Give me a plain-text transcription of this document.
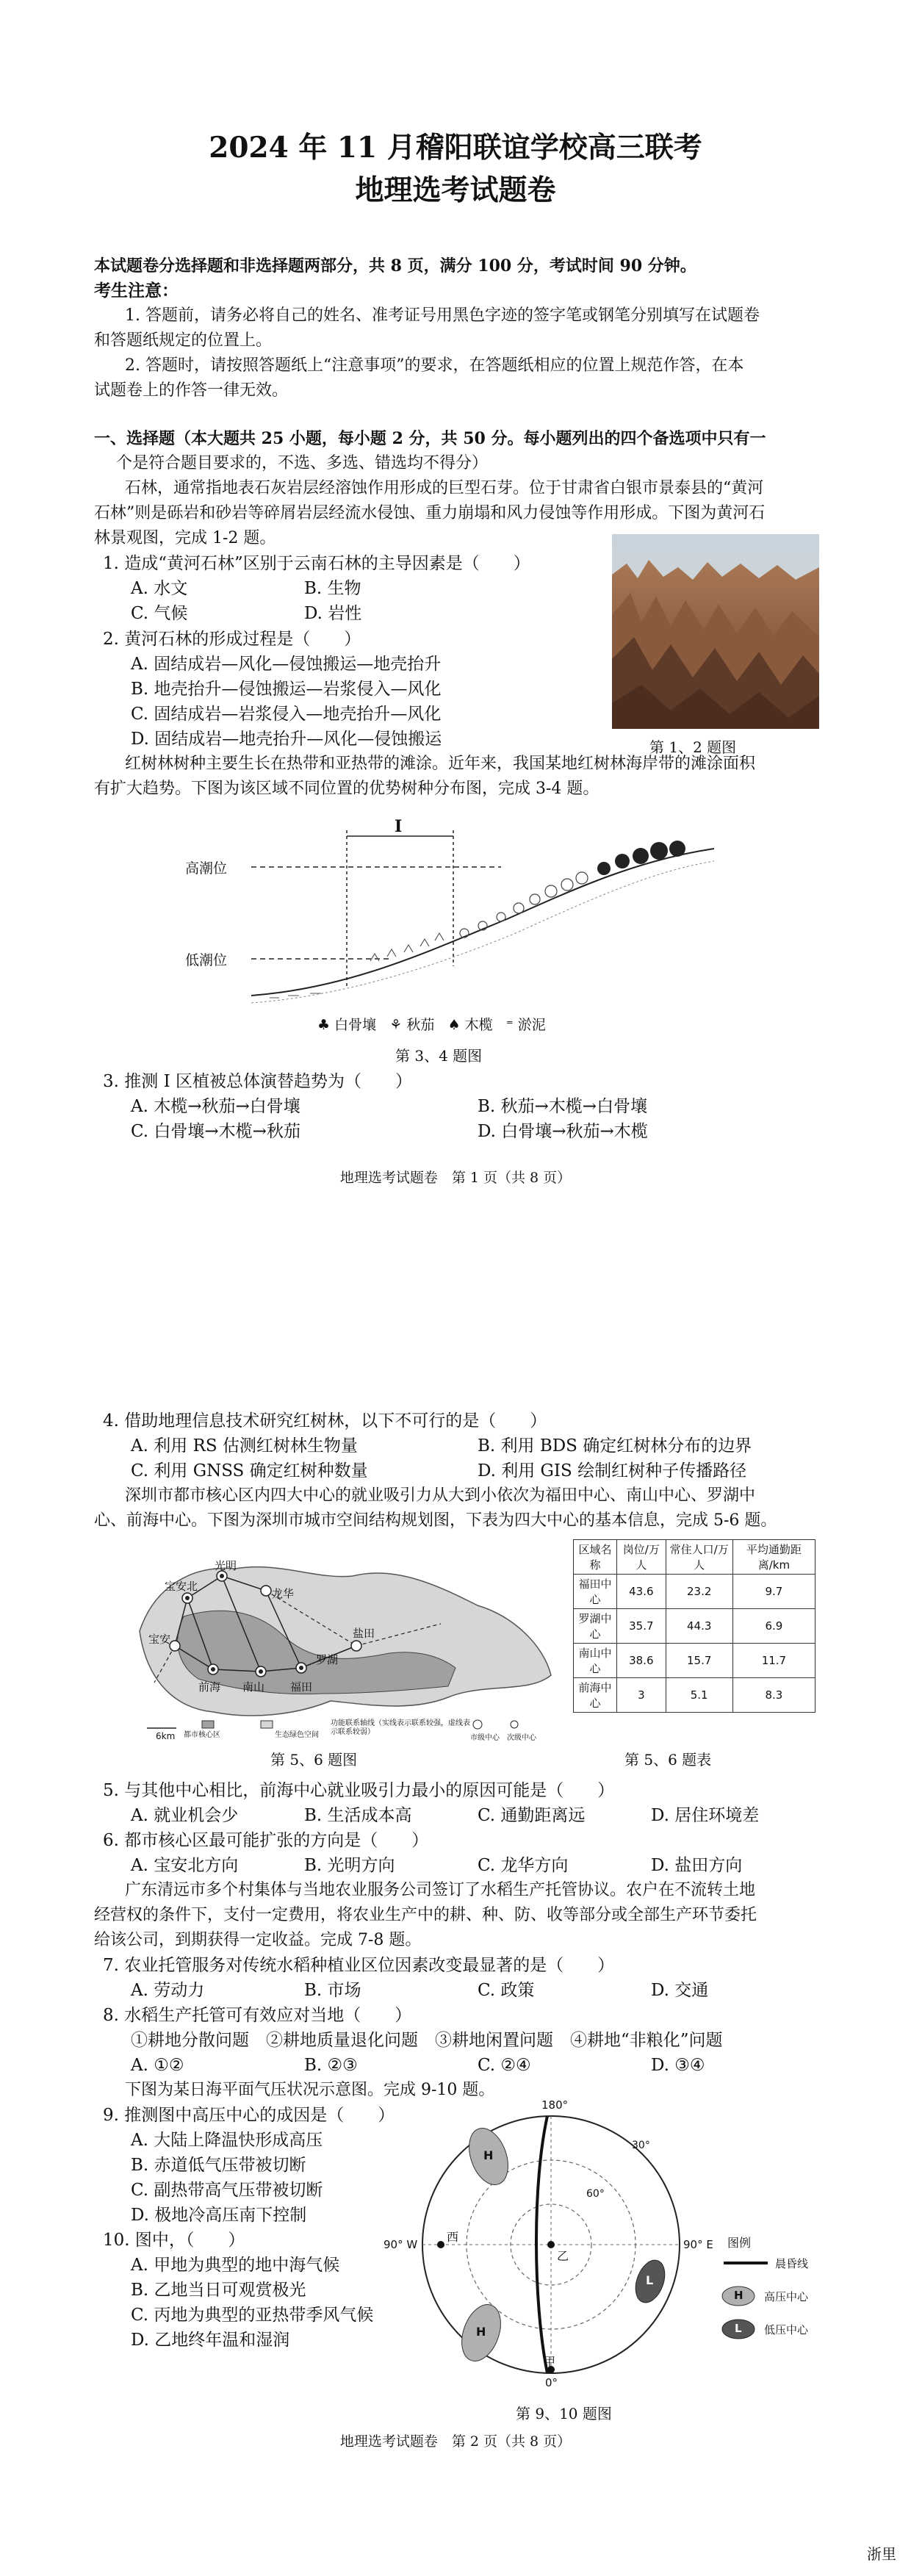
2024 年 11 月稽阳联谊学校高三联考
地理选考试题卷
本试题卷分选择题和非选择题两部分，共 8 页，满分 100 分，考试时间 90 分钟。
考生注意：
1. 答题前，请务必将自己的姓名、准考证号用黑色字迹的签字笔或钢笔分别填写在试题卷
和答题纸规定的位置上。
2. 答题时，请按照答题纸上“注意事项”的要求，在答题纸相应的位置上规范作答，在本
试题卷上的作答一律无效。
一、选择题（本大题共 25 小题，每小题 2 分，共 50 分。每小题列出的四个备选项中只有一
个是符合题目要求的，不选、多选、错选均不得分）
石林，通常指地表石灰岩层经溶蚀作用形成的巨型石芽。位于甘肃省白银市景泰县的“黄河
石林”则是砾岩和砂岩等碎屑岩层经流水侵蚀、重力崩塌和风力侵蚀等作用形成。下图为黄河石
林景观图，完成 1-2 题。
第 1、2 题图
1. 造成“黄河石林”区别于云南石林的主导因素是（　　）
A. 水文	B. 生物
C. 气候	D. 岩性
2. 黄河石林的形成过程是（　　）
A. 固结成岩—风化—侵蚀搬运—地壳抬升
B. 地壳抬升—侵蚀搬运—岩浆侵入—风化
C. 固结成岩—岩浆侵入—地壳抬升—风化
D. 固结成岩—地壳抬升—风化—侵蚀搬运
红树林树种主要生长在热带和亚热带的滩涂。近年来，我国某地红树林海岸带的滩涂面积
有扩大趋势。下图为该区域不同位置的优势树种分布图，完成 3-4 题。
高潮位
低潮位
I
♣ 白骨壤 ⚘ 秋茄 ♠ 木榄 ⁼ 淤泥
第 3、4 题图
3. 推测 I 区植被总体演替趋势为（　　）
A. 木榄→秋茄→白骨壤	B. 秋茄→木榄→白骨壤
C. 白骨壤→木榄→秋茄	D. 白骨壤→秋茄→木榄
地理选考试题卷　第 1 页（共 8 页）
4. 借助地理信息技术研究红树林，以下不可行的是（　　）
A. 利用 RS 估测红树林生物量	B. 利用 BDS 确定红树林分布的边界
C. 利用 GNSS 确定红树种数量	D. 利用 GIS 绘制红树种子传播路径
深圳市都市核心区内四大中心的就业吸引力从大到小依次为福田中心、南山中心、罗湖中
心、前海中心。下图为深圳市城市空间结构规划图，下表为四大中心的基本信息，完成 5-6 题。
宝安北
光明
龙华
宝安
前海 南山 福田
罗湖
盐田
6km 都市核心区	生态绿色空间
功能联系轴线（实线表示联系较强，虚线表示联系较弱）
市级中心 次级中心
第 5、6 题图
区域名称	岗位/万人	常住人口/万人	平均通勤距离/km
福田中心	43.6	23.2	9.7
罗湖中心	35.7	44.3	6.9
南山中心	38.6	15.7	11.7
前海中心	3	5.1	8.3
第 5、6 题表
5. 与其他中心相比，前海中心就业吸引力最小的原因可能是（　　）
A. 就业机会少	B. 生活成本高	C. 通勤距离远	D. 居住环境差
6. 都市核心区最可能扩张的方向是（　　）
A. 宝安北方向	B. 光明方向	C. 龙华方向	D. 盐田方向
广东清远市多个村集体与当地农业服务公司签订了水稻生产托管协议。农户在不流转土地
经营权的条件下，支付一定费用，将农业生产中的耕、种、防、收等部分或全部生产环节委托
给该公司，到期获得一定收益。完成 7-8 题。
7. 农业托管服务对传统水稻种植业区位因素改变最显著的是（　　）
A. 劳动力	B. 市场	C. 政策	D. 交通
8. 水稻生产托管可有效应对当地（　　）
①耕地分散问题　②耕地质量退化问题　③耕地闲置问题　④耕地“非粮化”问题
A. ①②	B. ②③	C. ②④	D. ③④
下图为某日海平面气压状况示意图。完成 9-10 题。
9. 推测图中高压中心的成因是（　　）
A. 大陆上降温快形成高压
B. 赤道低气压带被切断
C. 副热带高气压带被切断
D. 极地冷高压南下控制
10. 图中，（　　）
A. 甲地为典型的地中海气候
B. 乙地当日可观赏极光
C. 丙地为典型的亚热带季风气候
D. 乙地终年温和湿润
180°
0°
90° W	90° E
30°
60°
西
乙
甲
H
H
L
图例
晨昏线
H 高压中心
L 低压中心
第 9、10 题图
地理选考试题卷　第 2 页（共 8 页）
浙里
